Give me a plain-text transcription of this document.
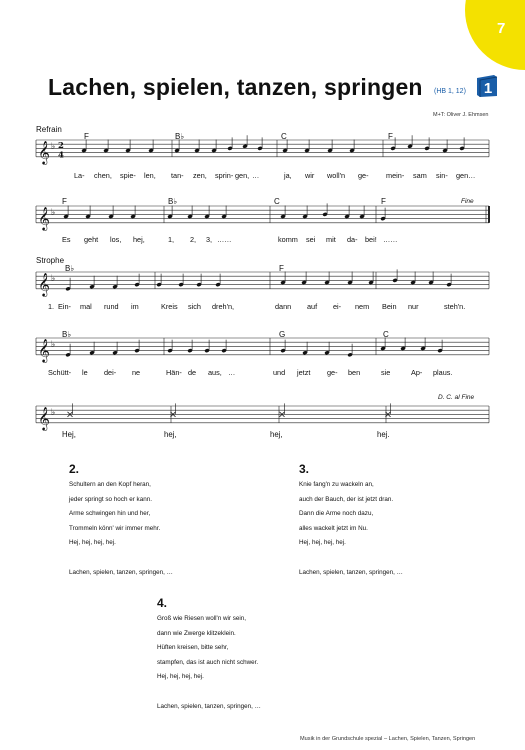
7
Lachen, spielen, tanzen, springen (HB 1, 12) 1
M+T: Oliver J. Ehmsen
Refrain
Strophe
𝄞 ♭ 2
4
𝄞 ♭
𝄞 ♭
𝄞 ♭
𝄞 ♭
F	B♭	C	F
F	B♭	C	F
B♭	F
B♭	G	C
Fine
D. C. al Fine
La- chen, spie- len, tan- zen, sprin- gen, …	ja, wir woll'n ge- mein- sam sin- gen…
Es geht los, hej,	1, 2, 3, ……	komm sei mit da- bei! ……
1. Ein- mal rund im	Kreis sich dreh'n,	dann auf ei- nem Bein nur	steh'n.
Schütt- le dei- ne	Hän- de aus, …	und jetzt ge- ben	sie	Ap- plaus.
Hej,	hej,	hej,	hej.
2.
Schultern an den Kopf heran,
jeder springt so hoch er kann.
Arme schwingen hin und her,
Trommeln könn' wir immer mehr.
Hej, hej, hej, hej.

Lachen, spielen, tanzen, springen, …
3.
Knie fang'n zu wackeln an,
auch der Bauch, der ist jetzt dran.
Dann die Arme noch dazu,
alles wackelt jetzt im Nu.
Hej, hej, hej, hej.

Lachen, spielen, tanzen, springen, …
4.
Groß wie Riesen woll'n wir sein,
dann wie Zwerge klitzeklein.
Hüften kreisen, bitte sehr,
stampfen, das ist auch nicht schwer.
Hej, hej, hej, hej.

Lachen, spielen, tanzen, springen, …
Musik in der Grundschule spezial – Lachen, Spielen, Tanzen, Springen
